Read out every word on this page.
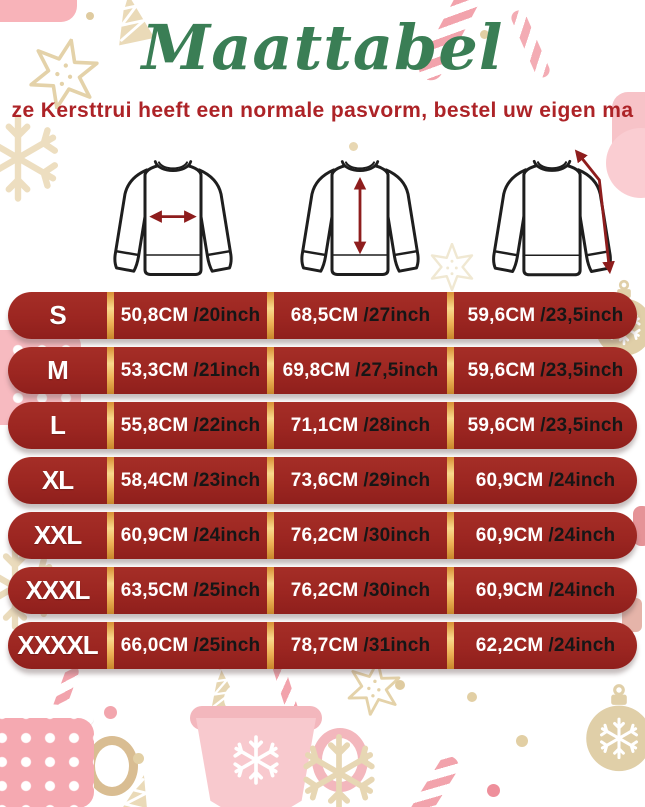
Maattabel
ze Kersttrui heeft een normale pasvorm, bestel uw eigen ma
S	50,8CM /20inch 68,5CM /27inch 59,6CM /23,5inch
M	53,3CM /21inch 69,8CM /27,5inch 59,6CM /23,5inch
L	55,8CM /22inch 71,1CM /28inch 59,6CM /23,5inch
XL	58,4CM /23inch 73,6CM /29inch 60,9CM /24inch
XXL 60,9CM /24inch 76,2CM /30inch 60,9CM /24inch
XXXL 63,5CM /25inch 76,2CM /30inch 60,9CM /24inch
XXXXL 66,0CM /25inch 78,7CM /31inch 62,2CM /24inch
